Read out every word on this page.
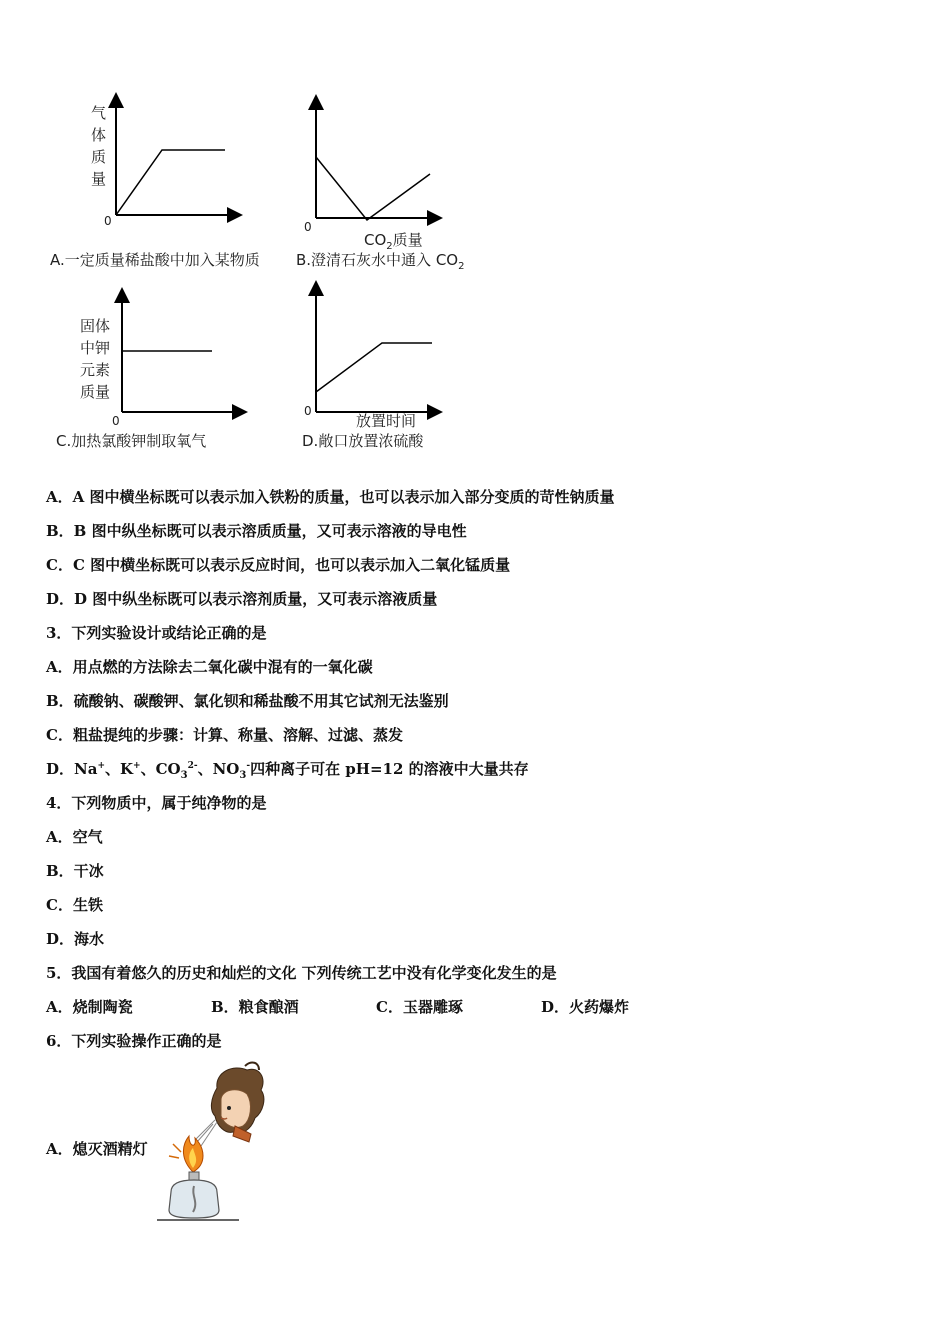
气
体
质
量
0
A.一定质量稀盐酸中加入某物质
0
$CO_2$质量
B.澄清石灰水中通入 $CO_2$
固体
中钾
元素
质量
0
C.加热氯酸钾制取氧气
0
放置时间
D.敞口放置浓硫酸
A．A 图中横坐标既可以表示加入铁粉的质量，也可以表示加入部分变质的苛性钠质量
B．B 图中纵坐标既可以表示溶质质量，又可表示溶液的导电性
C．C 图中横坐标既可以表示反应时间，也可以表示加入二氧化锰质量
D．D 图中纵坐标既可以表示溶剂质量，又可表示溶液质量
3．下列实验设计或结论正确的是
A．用点燃的方法除去二氧化碳中混有的一氧化碳
B．硫酸钠、碳酸钾、氯化钡和稀盐酸不用其它试剂无法鉴别
C．粗盐提纯的步骤：计算、称量、溶解、过滤、蒸发
D．Na+、K+、$CO_3^{2-}$、$NO_3^-$四种离子可在 pH=12 的溶液中大量共存
4．下列物质中，属于纯净物的是
A．空气
B．干冰
C．生铁
D．海水
5．我国有着悠久的历史和灿烂的文化 下列传统工艺中没有化学变化发生的是
A．烧制陶瓷	B．粮食酿酒	C．玉器雕琢	D．火药爆炸
6．下列实验操作正确的是
A．熄灭酒精灯
